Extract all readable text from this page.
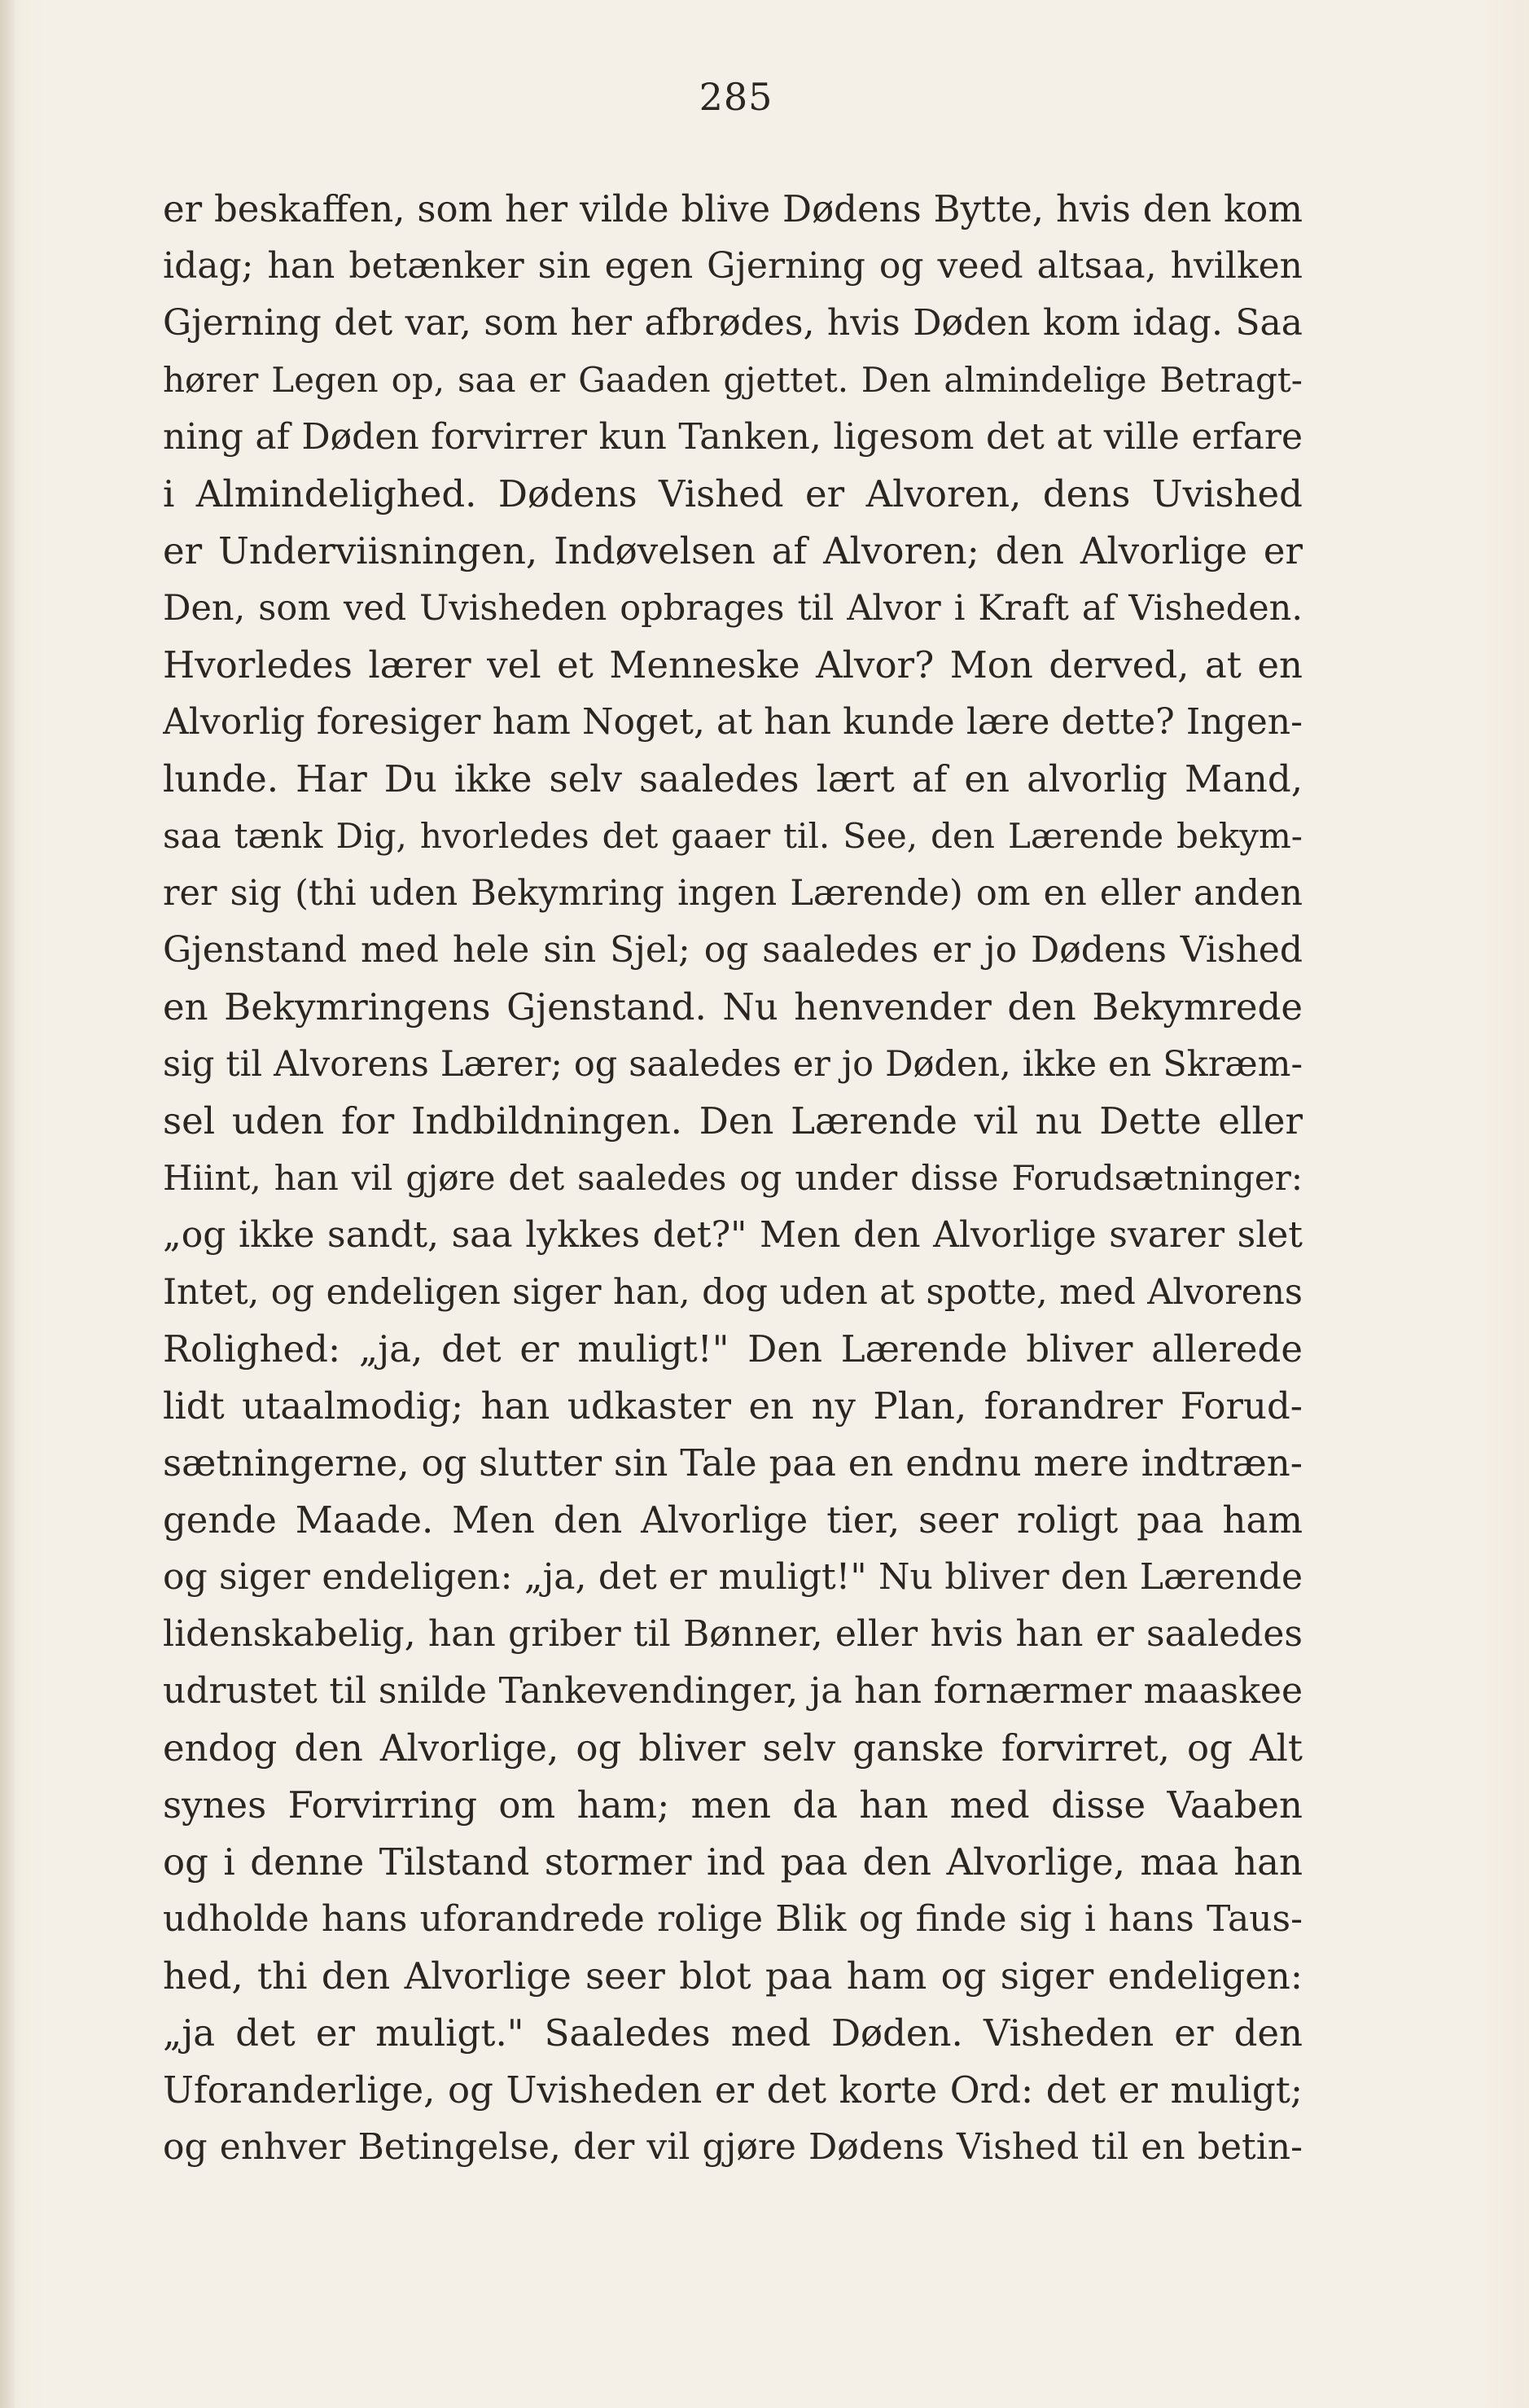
285
er beskaffen, som her vilde blive Dødens Bytte, hvis den kom
idag; han betænker sin egen Gjerning og veed altsaa, hvilken
Gjerning det var, som her afbrødes, hvis Døden kom idag. Saa
hører Legen op, saa er Gaaden gjettet. Den almindelige Betragt-
ning af Døden forvirrer kun Tanken, ligesom det at ville erfare
i Almindelighed. Dødens Vished er Alvoren, dens Uvished
er Underviisningen, Indøvelsen af Alvoren; den Alvorlige er
Den, som ved Uvisheden opbrages til Alvor i Kraft af Visheden.
Hvorledes lærer vel et Menneske Alvor? Mon derved, at en
Alvorlig foresiger ham Noget, at han kunde lære dette? Ingen-
lunde. Har Du ikke selv saaledes lært af en alvorlig Mand,
saa tænk Dig, hvorledes det gaaer til. See, den Lærende bekym-
rer sig (thi uden Bekymring ingen Lærende) om en eller anden
Gjenstand med hele sin Sjel; og saaledes er jo Dødens Vished
en Bekymringens Gjenstand. Nu henvender den Bekymrede
sig til Alvorens Lærer; og saaledes er jo Døden, ikke en Skræm-
sel uden for Indbildningen. Den Lærende vil nu Dette eller
Hiint, han vil gjøre det saaledes og under disse Forudsætninger:
„og ikke sandt, saa lykkes det?" Men den Alvorlige svarer slet
Intet, og endeligen siger han, dog uden at spotte, med Alvorens
Rolighed: „ja, det er muligt!" Den Lærende bliver allerede
lidt utaalmodig; han udkaster en ny Plan, forandrer Forud-
sætningerne, og slutter sin Tale paa en endnu mere indtræn-
gende Maade. Men den Alvorlige tier, seer roligt paa ham
og siger endeligen: „ja, det er muligt!" Nu bliver den Lærende
lidenskabelig, han griber til Bønner, eller hvis han er saaledes
udrustet til snilde Tankevendinger, ja han fornærmer maaskee
endog den Alvorlige, og bliver selv ganske forvirret, og Alt
synes Forvirring om ham; men da han med disse Vaaben
og i denne Tilstand stormer ind paa den Alvorlige, maa han
udholde hans uforandrede rolige Blik og finde sig i hans Taus-
hed, thi den Alvorlige seer blot paa ham og siger endeligen:
„ja det er muligt." Saaledes med Døden. Visheden er den
Uforanderlige, og Uvisheden er det korte Ord: det er muligt;
og enhver Betingelse, der vil gjøre Dødens Vished til en betin-
